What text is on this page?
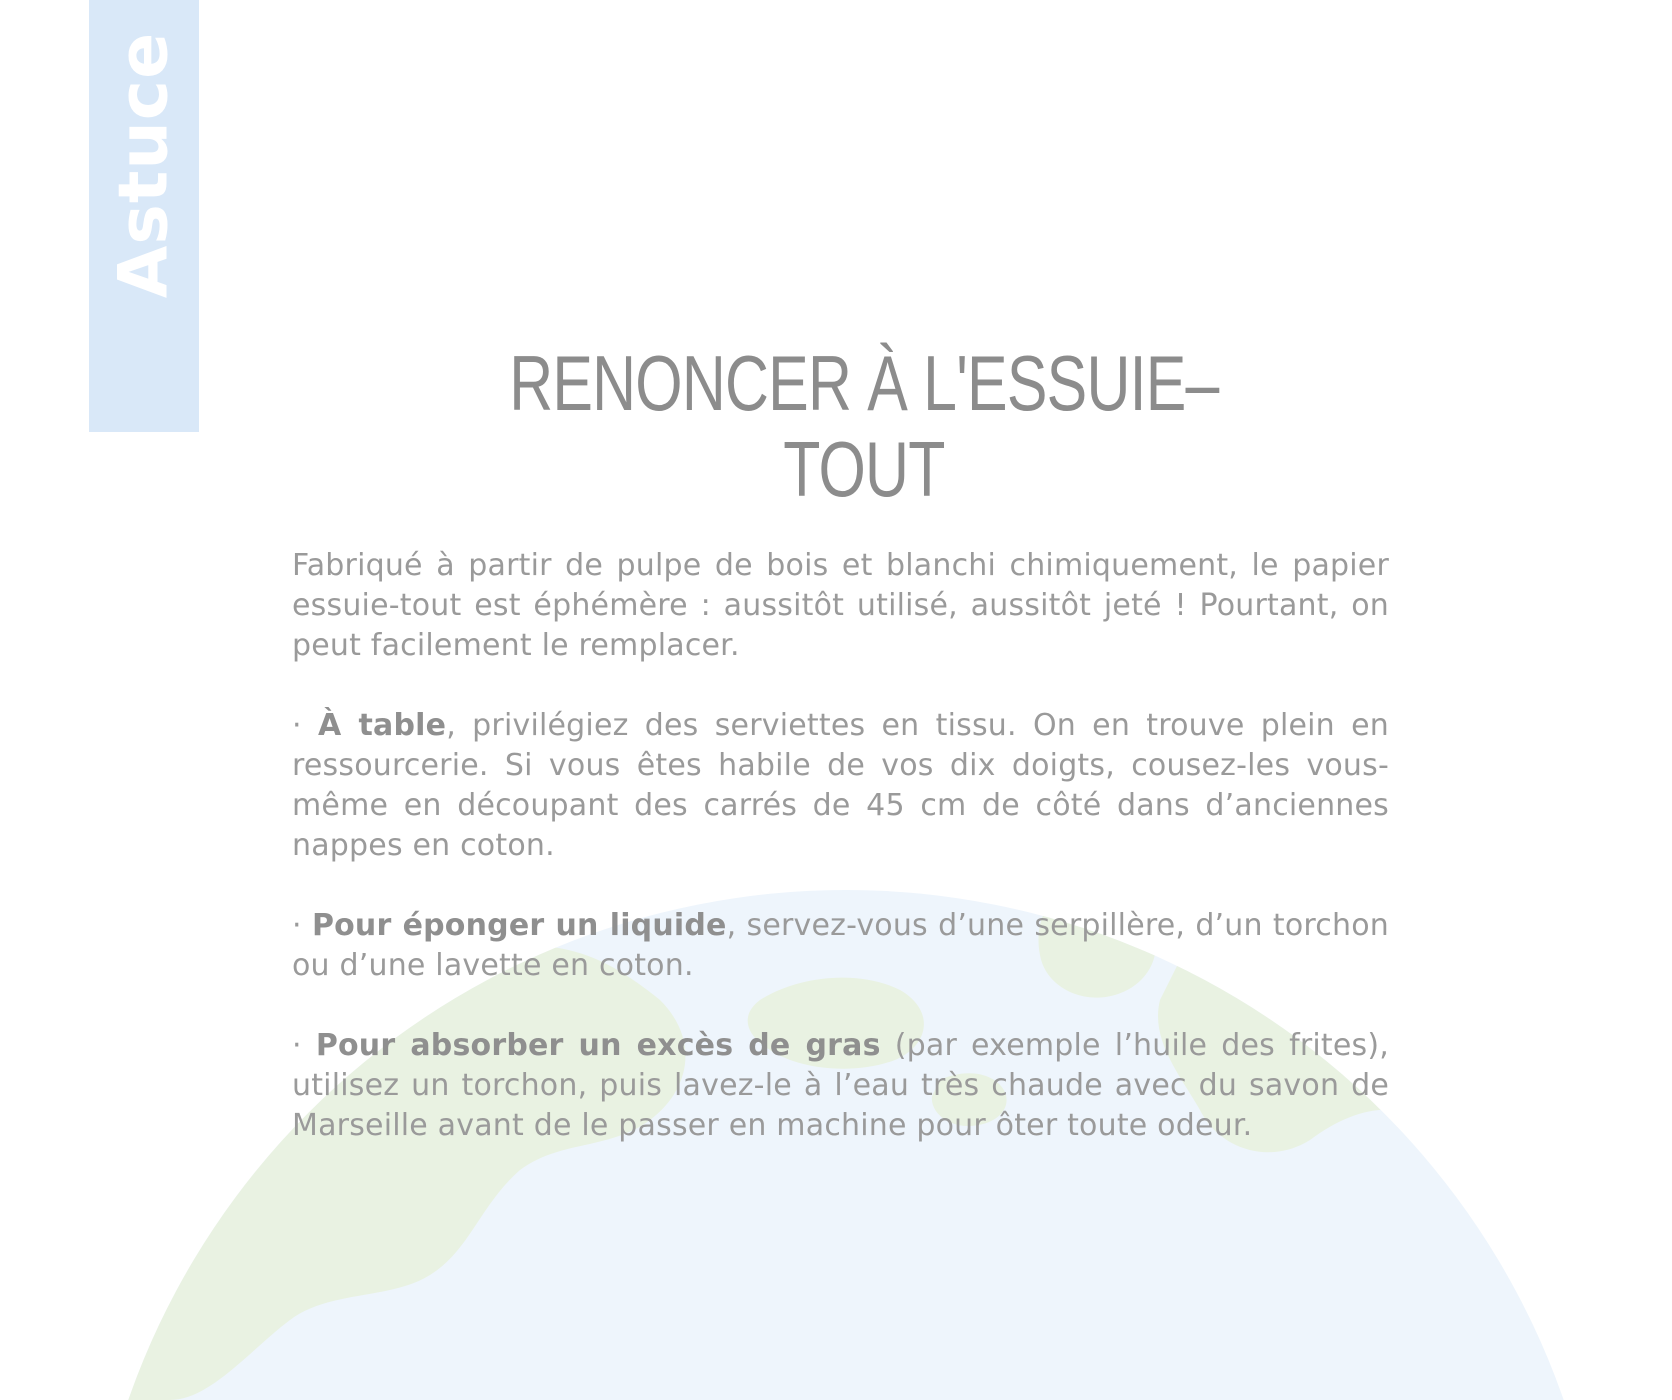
Astuce
RENONCER À L'ESSUIE–TOUT

Fabriqué à partir de pulpe de bois et blanchi chimiquement, le papier essuie-tout est éphémère : aussitôt utilisé, aussitôt jeté ! Pourtant, on peut facilement le remplacer.

· À table, privilégiez des serviettes en tissu. On en trouve plein en ressourcerie. Si vous êtes habile de vos dix doigts, cousez-les vous-même en découpant des carrés de 45 cm de côté dans d’anciennes nappes en coton.

· Pour éponger un liquide, servez-vous d’une serpillère, d’un torchon ou d’une lavette en coton.

· Pour absorber un excès de gras (par exemple l’huile des frites), utilisez un torchon, puis lavez-le à l’eau très chaude avec du savon de Marseille avant de le passer en machine pour ôter toute odeur.
